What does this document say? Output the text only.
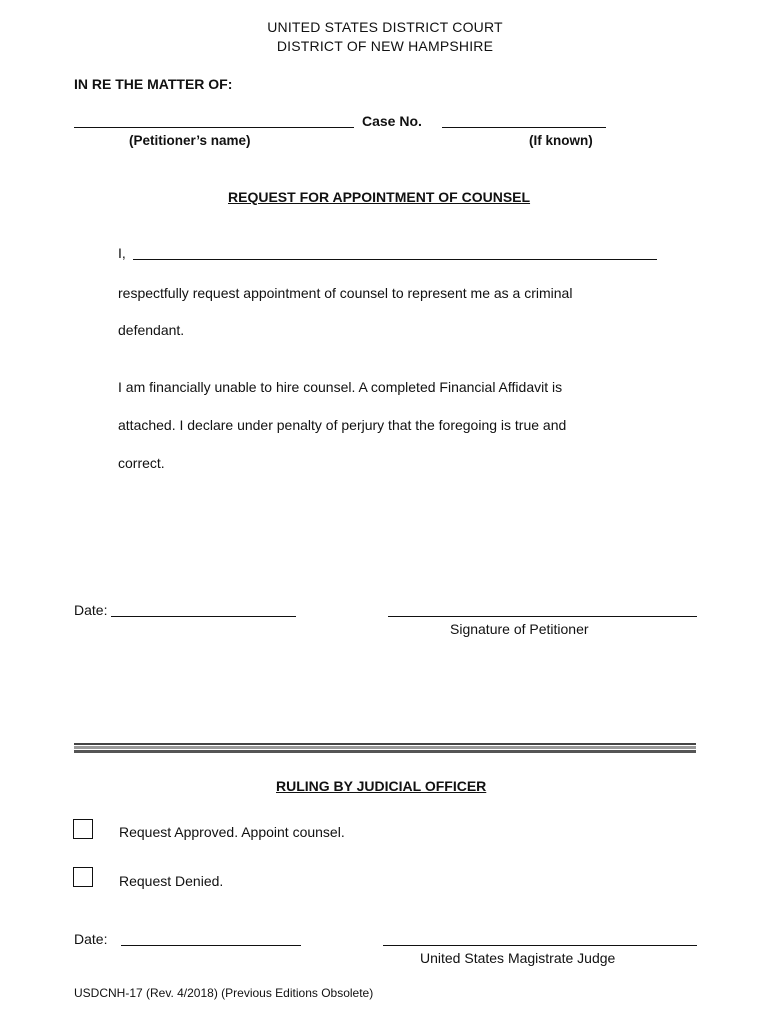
UNITED STATES DISTRICT COURT
DISTRICT OF NEW HAMPSHIRE
IN RE THE MATTER OF:
Case No.
(Petitioner’s name)	(If known)
REQUEST FOR APPOINTMENT OF COUNSEL
I,
respectfully request appointment of counsel to represent me as a criminal
defendant.
I am financially unable to hire counsel. A completed Financial Affidavit is
attached. I declare under penalty of perjury that the foregoing is true and
correct.
Date:
Signature of Petitioner
RULING BY JUDICIAL OFFICER
Request Approved. Appoint counsel.
Request Denied.
Date:
United States Magistrate Judge
USDCNH-17 (Rev. 4/2018) (Previous Editions Obsolete)
